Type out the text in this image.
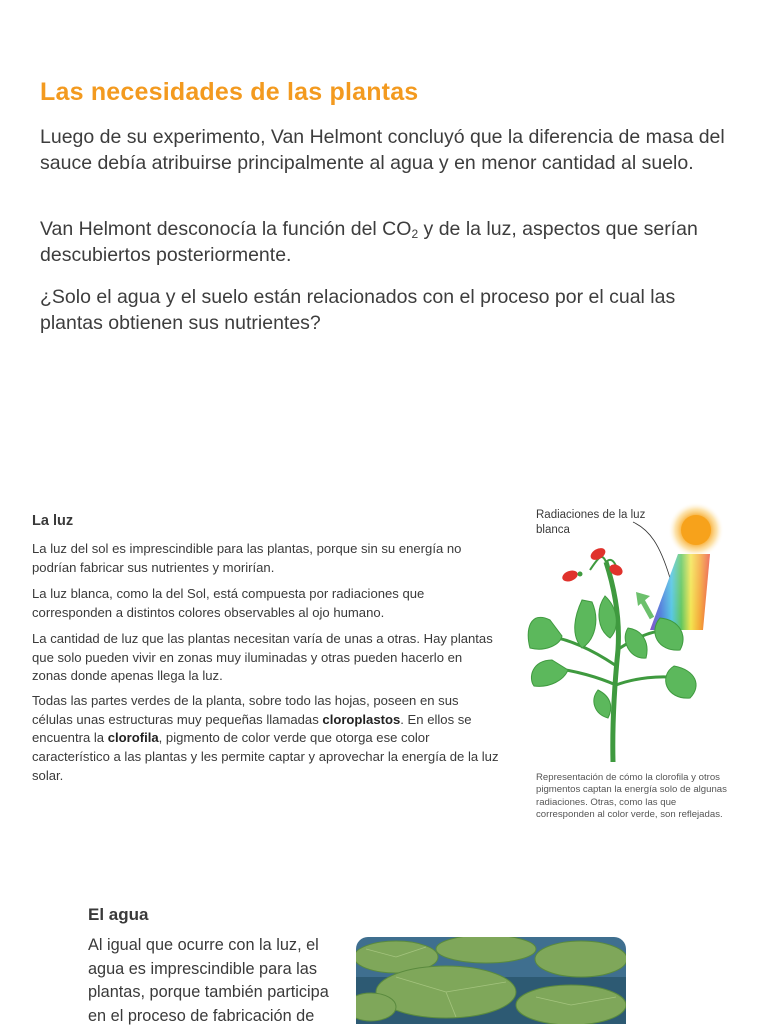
Las necesidades de las plantas

Luego de su experimento, Van Helmont concluyó que la diferencia de masa del sauce debía atribuirse principalmente al agua y en menor cantidad al suelo.

Van Helmont desconocía la función del $CO_2$ y de la luz, aspectos que serían descubiertos posteriormente.

¿Solo el agua y el suelo están relacionados con el proceso por el cual las plantas obtienen sus nutrientes?

La luz

La luz del sol es imprescindible para las plantas, porque sin su energía no podrían fabricar sus nutrientes y morirían.

La luz blanca, como la del Sol, está compuesta por radiaciones que corresponden a distintos colores observables al ojo humano.

La cantidad de luz que las plantas necesitan varía de unas a otras. Hay plantas que solo pueden vivir en zonas muy iluminadas y otras pueden hacerlo en zonas donde apenas llega la luz.

Todas las partes verdes de la planta, sobre todo las hojas, poseen en sus células unas estructuras muy pequeñas llamadas cloroplastos. En ellos se encuentra la clorofila, pigmento de color verde que otorga ese color característico a las plantas y les permite captar y aprovechar la energía de la luz solar.

Radiaciones de la luz blanca
Representación de cómo la clorofila y otros pigmentos captan la energía solo de algunas radiaciones. Otras, como las que corresponden al color verde, son reflejadas.
El agua

Al igual que ocurre con la luz, el agua es imprescindible para las plantas, porque también participa en el proceso de fabricación de
